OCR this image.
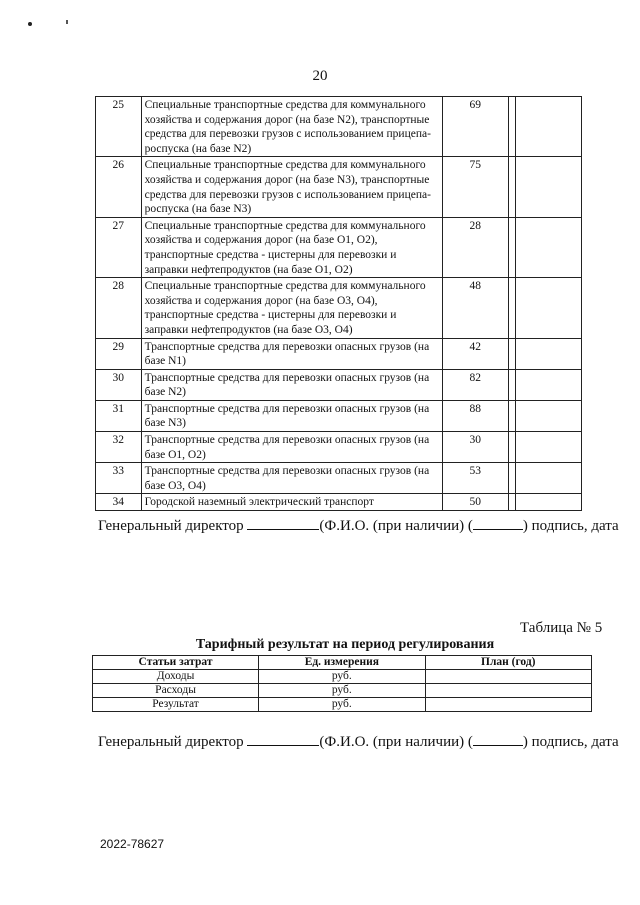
20
25	Специальные транспортные средства для коммунального хозяйства и содержания дорог (на базе N2), транспортные средства для перевозки грузов с использованием прицепа-роспуска (на базе N2)	69		
26	Специальные транспортные средства для коммунального хозяйства и содержания дорог (на базе N3), транспортные средства для перевозки грузов с использованием прицепа-роспуска (на базе N3)	75		
27	Специальные транспортные средства для коммунального хозяйства и содержания дорог (на базе O1, O2), транспортные средства - цистерны для перевозки и заправки нефтепродуктов (на базе O1, O2)	28		
28	Специальные транспортные средства для коммунального хозяйства и содержания дорог (на базе O3, O4), транспортные средства - цистерны для перевозки и заправки нефтепродуктов (на базе O3, O4)	48		
29	Транспортные средства для перевозки опасных грузов (на базе N1)	42		
30	Транспортные средства для перевозки опасных грузов (на базе N2)	82		
31	Транспортные средства для перевозки опасных грузов (на базе N3)	88		
32	Транспортные средства для перевозки опасных грузов (на базе O1, O2)	30		
33	Транспортные средства для перевозки опасных грузов (на базе O3, O4)	53		
34	Городской наземный электрический транспорт	50		
Генеральный директор	(Ф.И.О. (при наличии) (	) подпись, дата
Таблица № 5
Тарифный результат на период регулирования
Статьи затрат	Ед. измерения	План (год)
Доходы	руб.	
Расходы	руб.	
Результат	руб.	
Генеральный директор	(Ф.И.О. (при наличии) (	) подпись, дата
2022-78627
